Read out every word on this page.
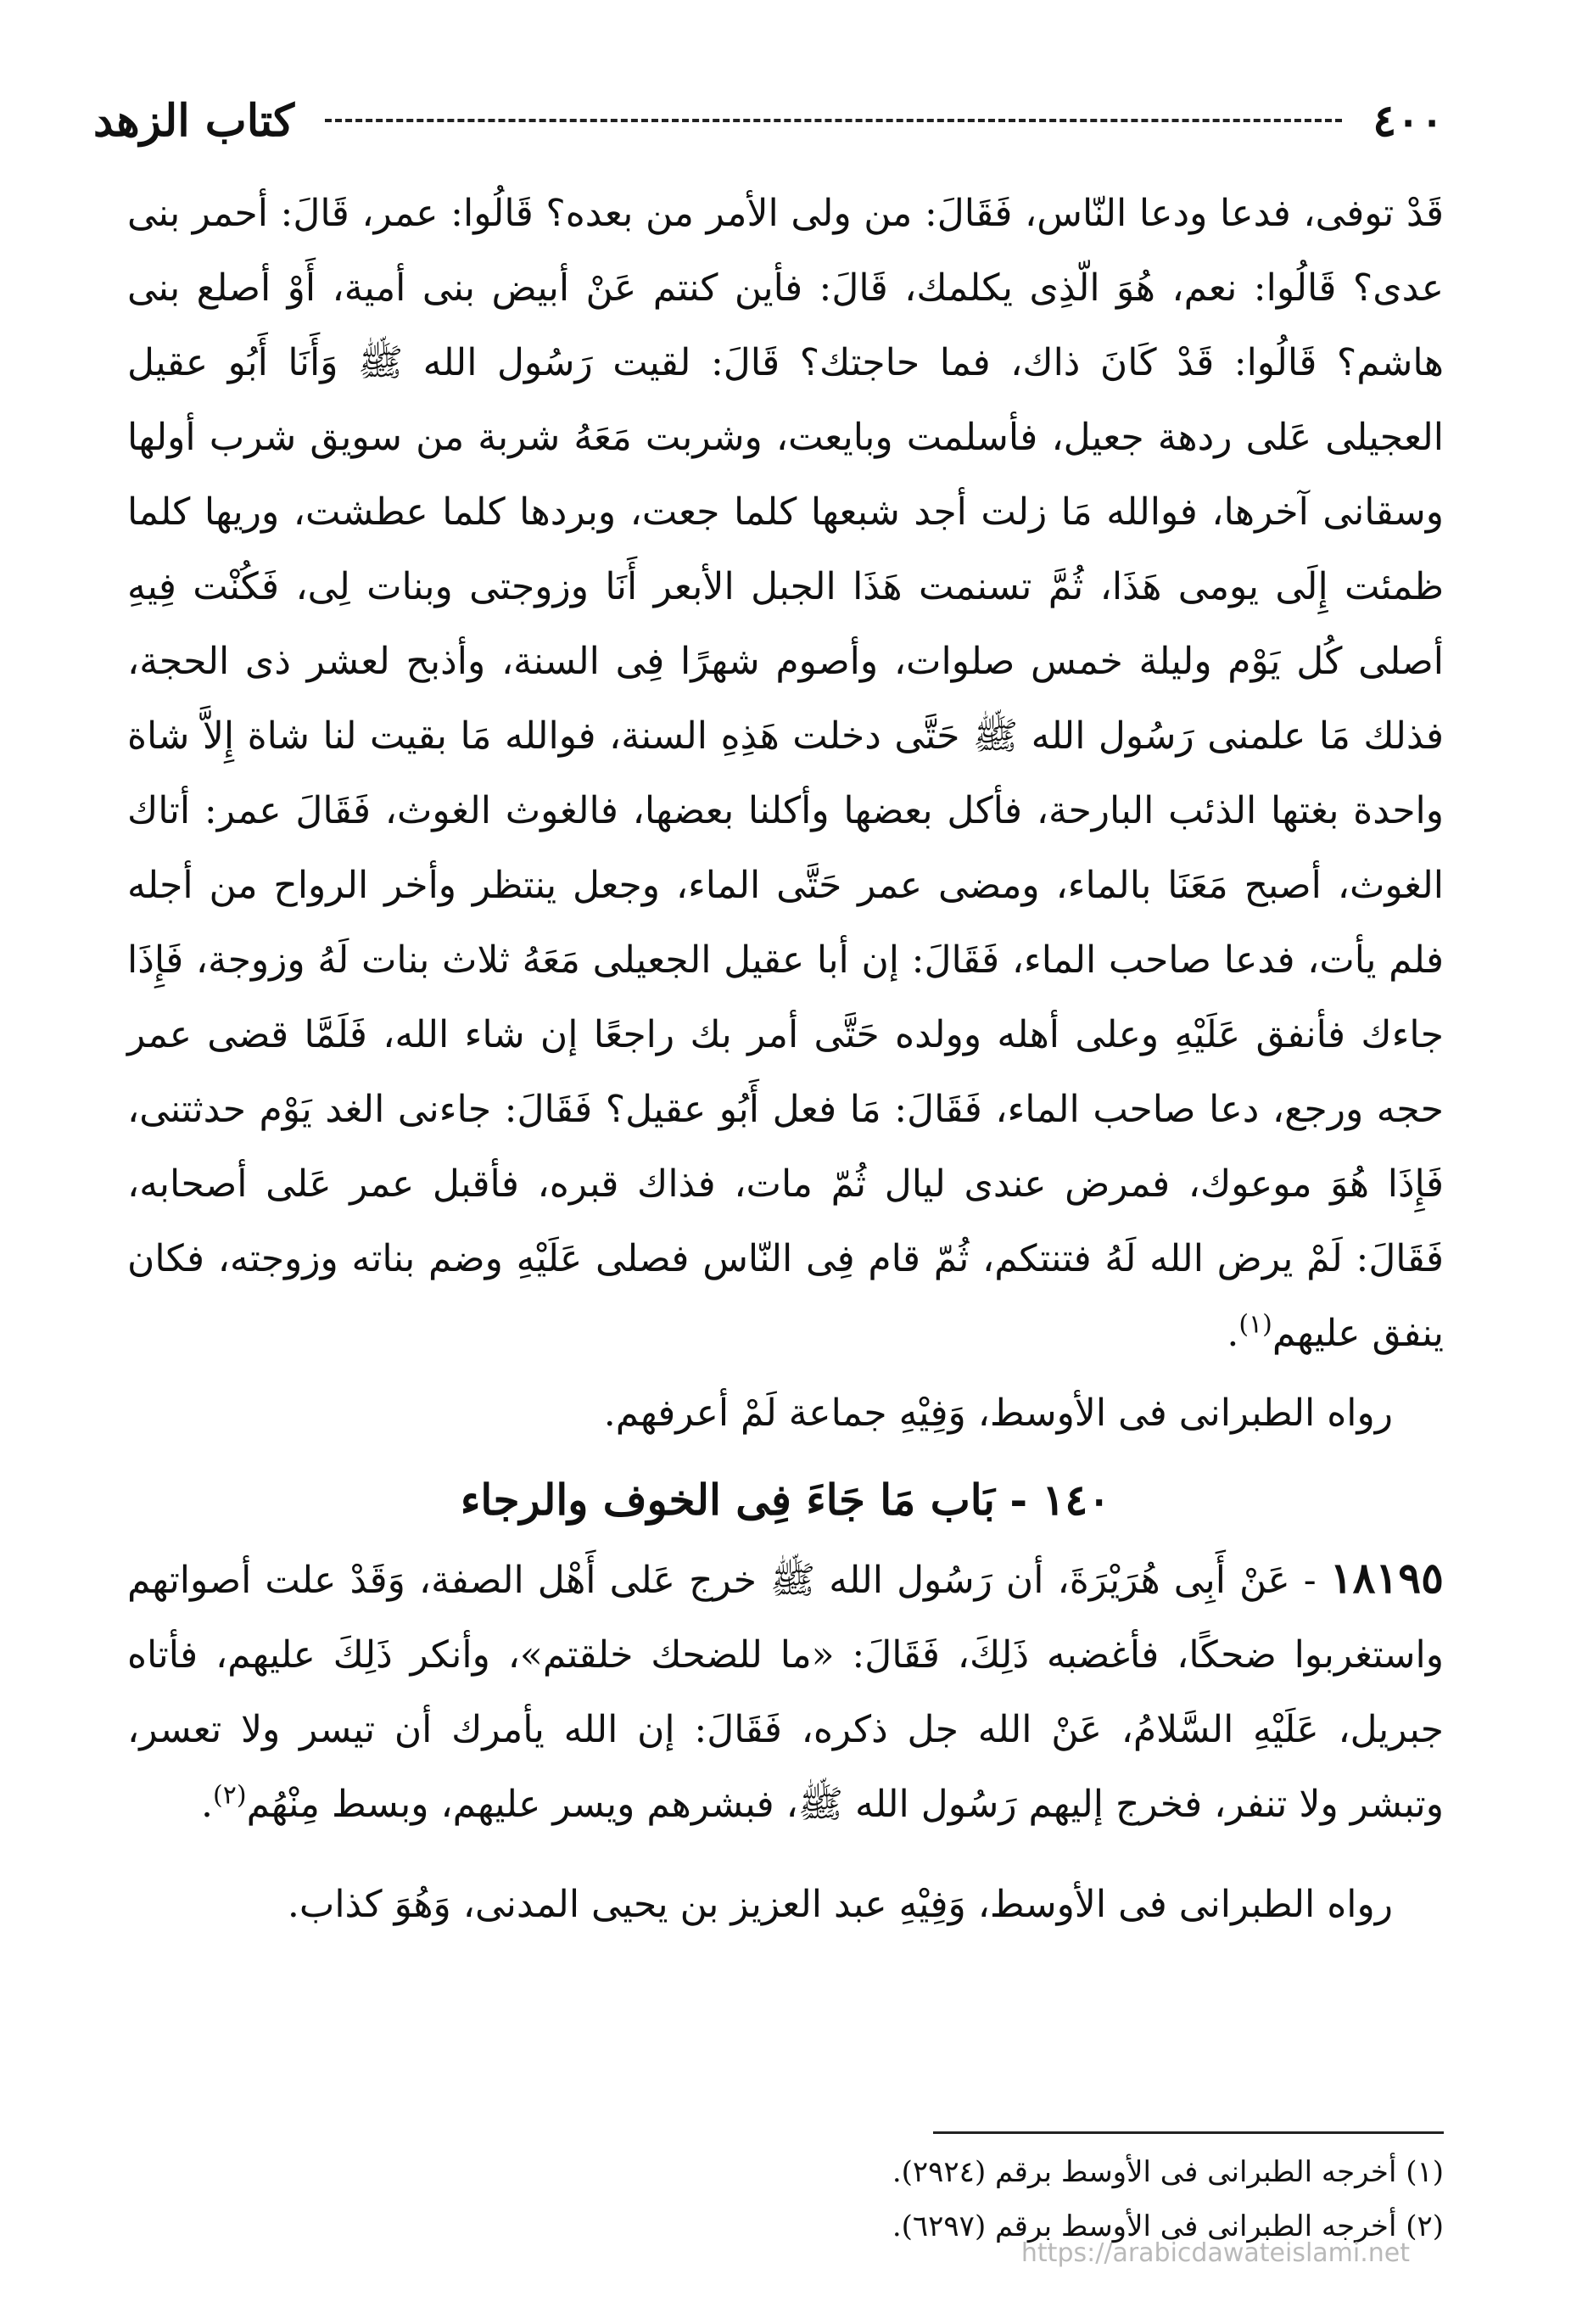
٤٠٠
كتاب الزهد

قَدْ توفى، فدعا ودعا النّاس، فَقَالَ: من ولى الأمر من بعده؟ قَالُوا: عمر، قَالَ: أحمر بنى عدى؟ قَالُوا: نعم، هُوَ الّذِى يكلمك، قَالَ: فأين كنتم عَنْ أبيض بنى أمية، أَوْ أصلع بنى هاشم؟ قَالُوا: قَدْ كَانَ ذاك، فما حاجتك؟ قَالَ: لقيت رَسُول الله ﷺ وَأَنَا أَبُو عقيل العجيلى عَلى ردهة جعيل، فأسلمت وبايعت، وشربت مَعَهُ شربة من سويق شرب أولها وسقانى آخرها، فوالله مَا زلت أجد شبعها كلما جعت، وبردها كلما عطشت، وريها كلما ظمئت إِلَى يومى هَذَا، ثُمَّ تسنمت هَذَا الجبل الأبعر أَنَا وزوجتى وبنات لِى، فَكُنْت فِيهِ أصلى كُل يَوْم وليلة خمس صلوات، وأصوم شهرًا فِى السنة، وأذبح لعشر ذى الحجة، فذلك مَا علمنى رَسُول الله ﷺ حَتَّى دخلت هَذِهِ السنة، فوالله مَا بقيت لنا شاة إِلاَّ شاة واحدة بغتها الذئب البارحة، فأكل بعضها وأكلنا بعضها، فالغوث الغوث، فَقَالَ عمر: أتاك الغوث، أصبح مَعَنَا بالماء، ومضى عمر حَتَّى الماء، وجعل ينتظر وأخر الرواح من أجله فلم يأت، فدعا صاحب الماء، فَقَالَ: إن أبا عقيل الجعيلى مَعَهُ ثلاث بنات لَهُ وزوجة، فَإِذَا جاءك فأنفق عَلَيْهِ وعلى أهله وولده حَتَّى أمر بك راجعًا إن شاء الله، فَلَمَّا قضى عمر حجه ورجع، دعا صاحب الماء، فَقَالَ: مَا فعل أَبُو عقيل؟ فَقَالَ: جاءنى الغد يَوْم حدثتنى، فَإِذَا هُوَ موعوك، فمرض عندى ليال ثُمّ مات، فذاك قبره، فأقبل عمر عَلى أصحابه، فَقَالَ: لَمْ يرض الله لَهُ فتنتكم، ثُمّ قام فِى النّاس فصلى عَلَيْهِ وضم بناته وزوجته، فكان ينفق عليهم$^{(١)}$.

رواه الطبرانى فى الأوسط، وَفِيْهِ جماعة لَمْ أعرفهم.

١٤٠ - بَاب مَا جَاءَ فِى الخوف والرجاء

١٨١٩٥ - عَنْ أَبِى هُرَيْرَةَ، أن رَسُول الله ﷺ خرج عَلى أَهْل الصفة، وَقَدْ علت أصواتهم واستغربوا ضحكًا، فأغضبه ذَلِكَ، فَقَالَ: «ما للضحك خلقتم»، وأنكر ذَلِكَ عليهم، فأتاه جبريل، عَلَيْهِ السَّلامُ، عَنْ الله جل ذكره، فَقَالَ: إن الله يأمرك أن تيسر ولا تعسر، وتبشر ولا تنفر، فخرج إليهم رَسُول الله ﷺ، فبشرهم ويسر عليهم، وبسط مِنْهُم$^{(٢)}$.

رواه الطبرانى فى الأوسط، وَفِيْهِ عبد العزيز بن يحيى المدنى، وَهُوَ كذاب.

(١) أخرجه الطبرانى فى الأوسط برقم (٢٩٢٤).

(٢) أخرجه الطبرانى فى الأوسط برقم (٦٢٩٧).

https://arabicdawateislami.net
